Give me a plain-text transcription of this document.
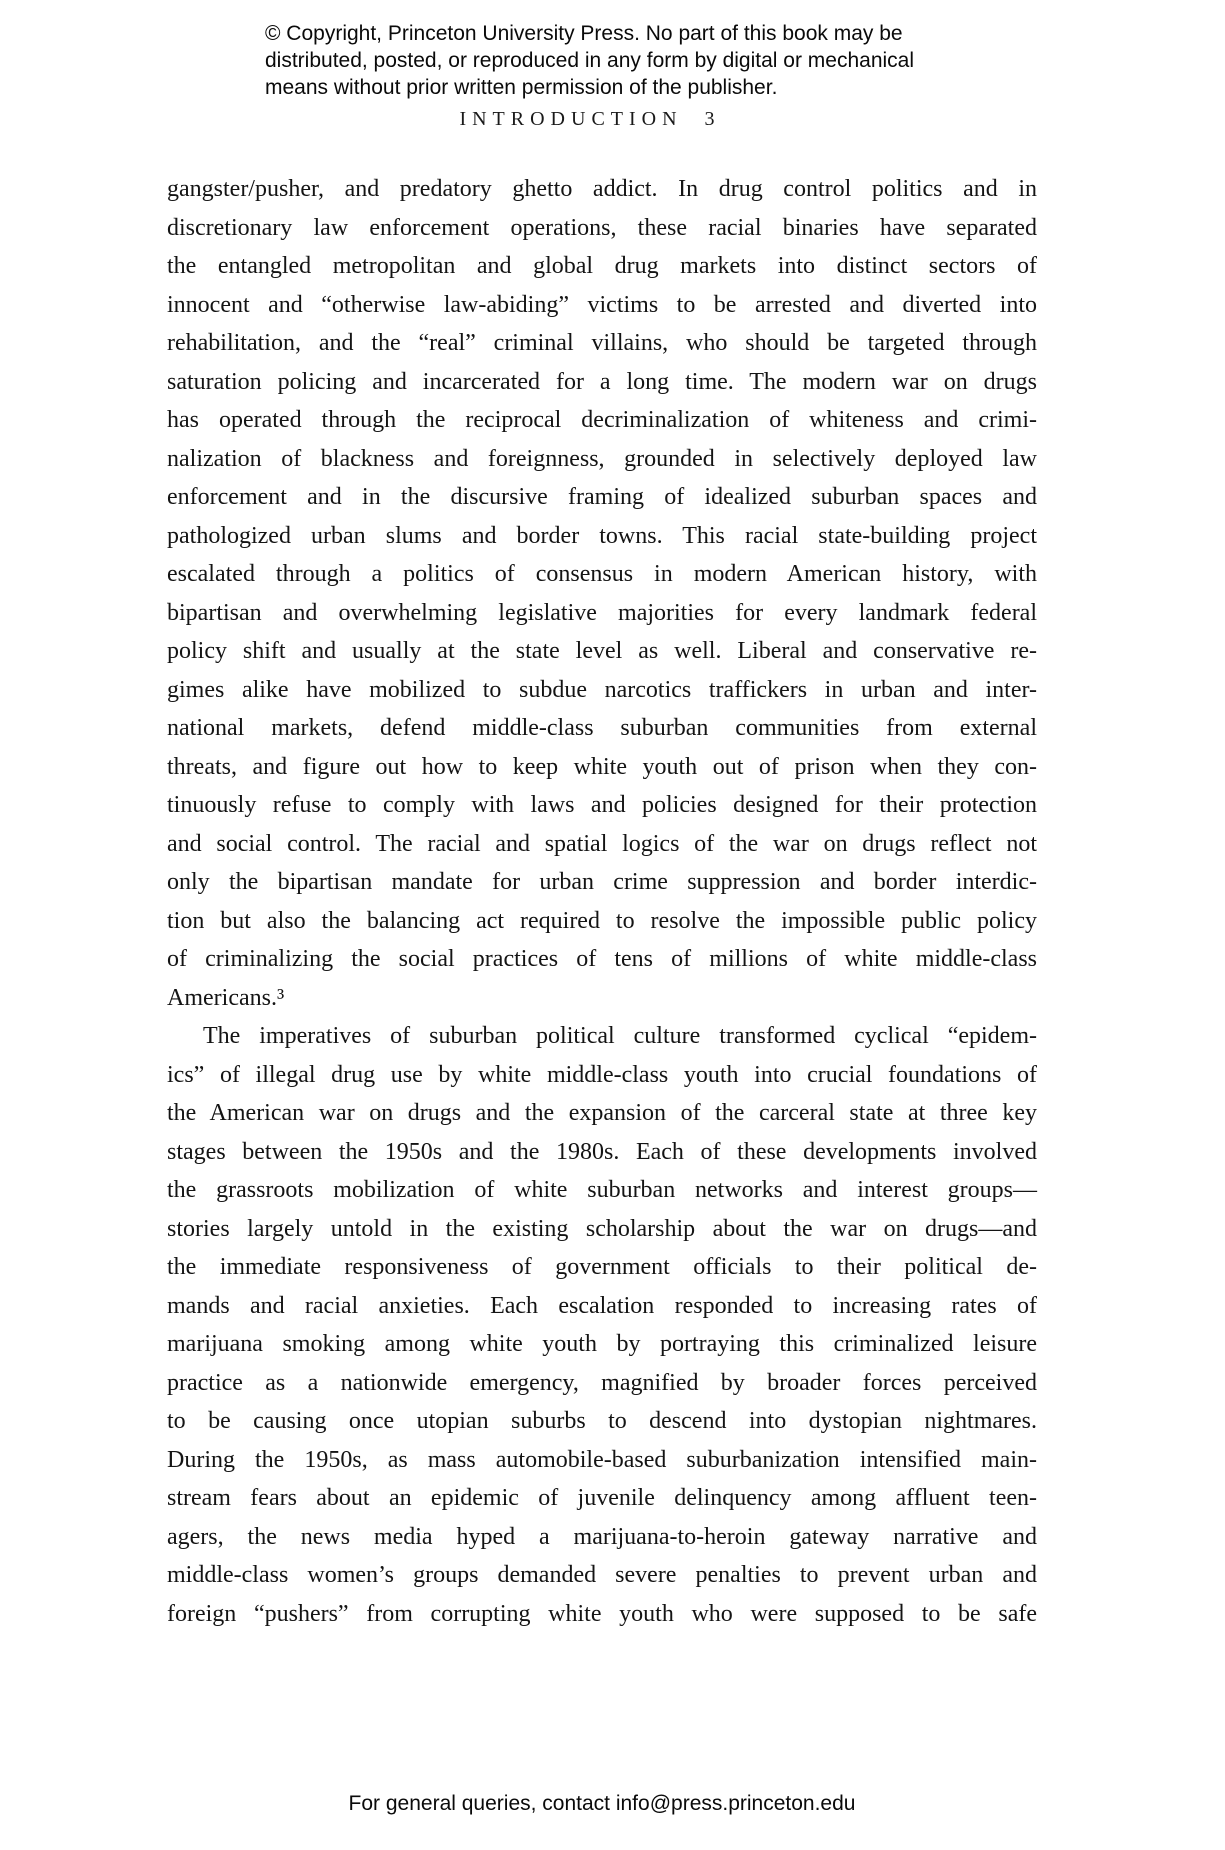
© Copyright, Princeton University Press. No part of this book may be
distributed, posted, or reproduced in any form by digital or mechanical
means without prior written permission of the publisher.
INTRODUCTION 3
gangster/pusher, and predatory ghetto addict. In drug control politics and in
discretionary law enforcement operations, these racial binaries have separated
the entangled metropolitan and global drug markets into distinct sectors of
innocent and “otherwise law-abiding” victims to be arrested and diverted into
rehabilitation, and the “real” criminal villains, who should be targeted through
saturation policing and incarcerated for a long time. The modern war on drugs
has operated through the reciprocal decriminalization of whiteness and crimi-
nalization of blackness and foreignness, grounded in selectively deployed law
enforcement and in the discursive framing of idealized suburban spaces and
pathologized urban slums and border towns. This racial state-building project
escalated through a politics of consensus in modern American history, with
bipartisan and overwhelming legislative majorities for every landmark federal
policy shift and usually at the state level as well. Liberal and conservative re-
gimes alike have mobilized to subdue narcotics traffickers in urban and inter-
national markets, defend middle-class suburban communities from external
threats, and figure out how to keep white youth out of prison when they con-
tinuously refuse to comply with laws and policies designed for their protection
and social control. The racial and spatial logics of the war on drugs reflect not
only the bipartisan mandate for urban crime suppression and border interdic-
tion but also the balancing act required to resolve the impossible public policy
of criminalizing the social practices of tens of millions of white middle-class
Americans.³
The imperatives of suburban political culture transformed cyclical “epidem-
ics” of illegal drug use by white middle-class youth into crucial foundations of
the American war on drugs and the expansion of the carceral state at three key
stages between the 1950s and the 1980s. Each of these developments involved
the grassroots mobilization of white suburban networks and interest groups—
stories largely untold in the existing scholarship about the war on drugs—and
the immediate responsiveness of government officials to their political de-
mands and racial anxieties. Each escalation responded to increasing rates of
marijuana smoking among white youth by portraying this criminalized leisure
practice as a nationwide emergency, magnified by broader forces perceived
to be causing once utopian suburbs to descend into dystopian nightmares.
During the 1950s, as mass automobile-based suburbanization intensified main-
stream fears about an epidemic of juvenile delinquency among affluent teen-
agers, the news media hyped a marijuana-to-heroin gateway narrative and
middle-class women’s groups demanded severe penalties to prevent urban and
foreign “pushers” from corrupting white youth who were supposed to be safe
For general queries, contact info@press.princeton.edu
